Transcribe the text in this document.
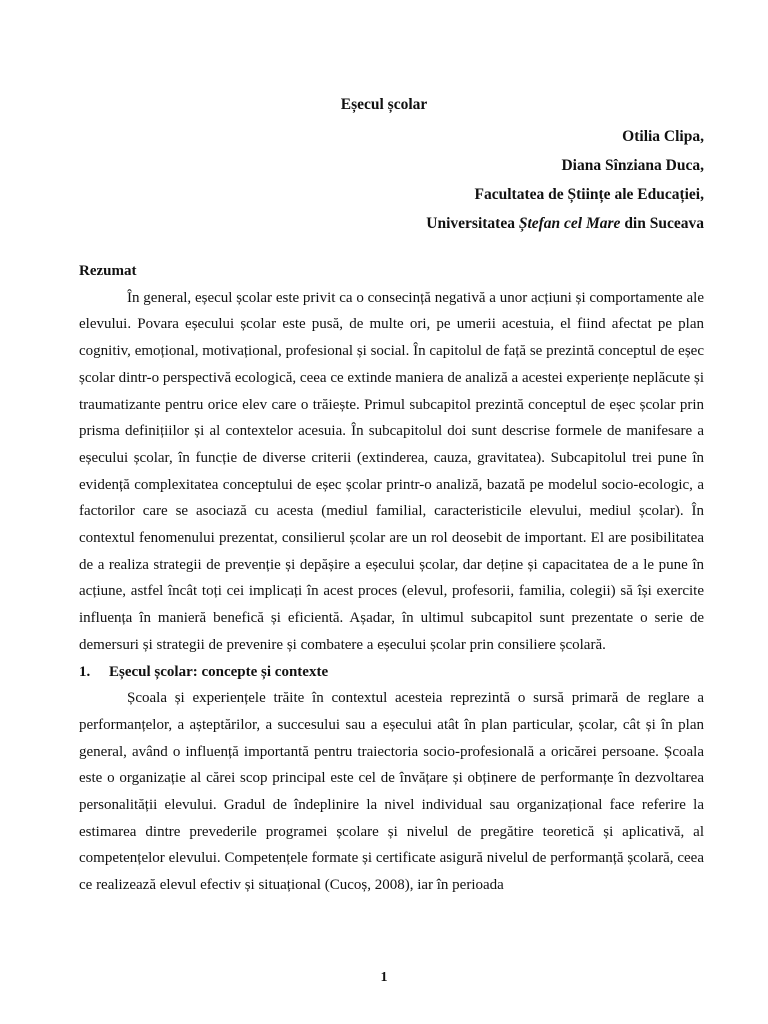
Eșecul școlar
Otilia Clipa,
Diana Sînziana Duca,
Facultatea de Științe ale Educației,
Universitatea Ștefan cel Mare din Suceava
Rezumat

În general, eșecul școlar este privit ca o consecință negativă a unor acțiuni și comportamente ale elevului. Povara eșecului școlar este pusă, de multe ori, pe umerii acestuia, el fiind afectat pe plan cognitiv, emoțional, motivațional, profesional și social. În capitolul de față se prezintă conceptul de eșec școlar dintr-o perspectivă ecologică, ceea ce extinde maniera de analiză a acestei experiențe neplăcute și traumatizante pentru orice elev care o trăiește. Primul subcapitol prezintă conceptul de eșec școlar prin prisma definițiilor și al contextelor acesuia. În subcapitolul doi sunt descrise formele de manifesare a eșecului școlar, în funcție de diverse criterii (extinderea, cauza, gravitatea). Subcapitolul trei pune în evidență complexitatea conceptului de eșec școlar printr-o analiză, bazată pe modelul socio-ecologic, a factorilor care se asociază cu acesta (mediul familial, caracteristicile elevului, mediul școlar). În contextul fenomenului prezentat, consilierul școlar are un rol deosebit de important. El are posibilitatea de a realiza strategii de prevenție și depășire a eșecului școlar, dar deține și capacitatea de a le pune în acțiune, astfel încât toți cei implicați în acest proces (elevul, profesorii, familia, colegii) să își exercite influența în manieră benefică și eficientă. Așadar, în ultimul subcapitol sunt prezentate o serie de demersuri și strategii de prevenire și combatere a eșecului școlar prin consiliere școlară.

1. Eșecul școlar: concepte și contexte

Școala și experiențele trăite în contextul acesteia reprezintă o sursă primară de reglare a performanțelor, a așteptărilor, a succesului sau a eșecului atât în plan particular, școlar, cât și în plan general, având o influență importantă pentru traiectoria socio-profesională a oricărei persoane. Școala este o organizație al cărei scop principal este cel de învățare și obținere de performanțe în dezvoltarea personalității elevului. Gradul de îndeplinire la nivel individual sau organizațional face referire la estimarea dintre prevederile programei școlare și nivelul de pregătire teoretică și aplicativă, al competențelor elevului. Competențele formate și certificate asigură nivelul de performanță școlară, ceea ce realizează elevul efectiv și situațional (Cucoș, 2008), iar în perioada

1
